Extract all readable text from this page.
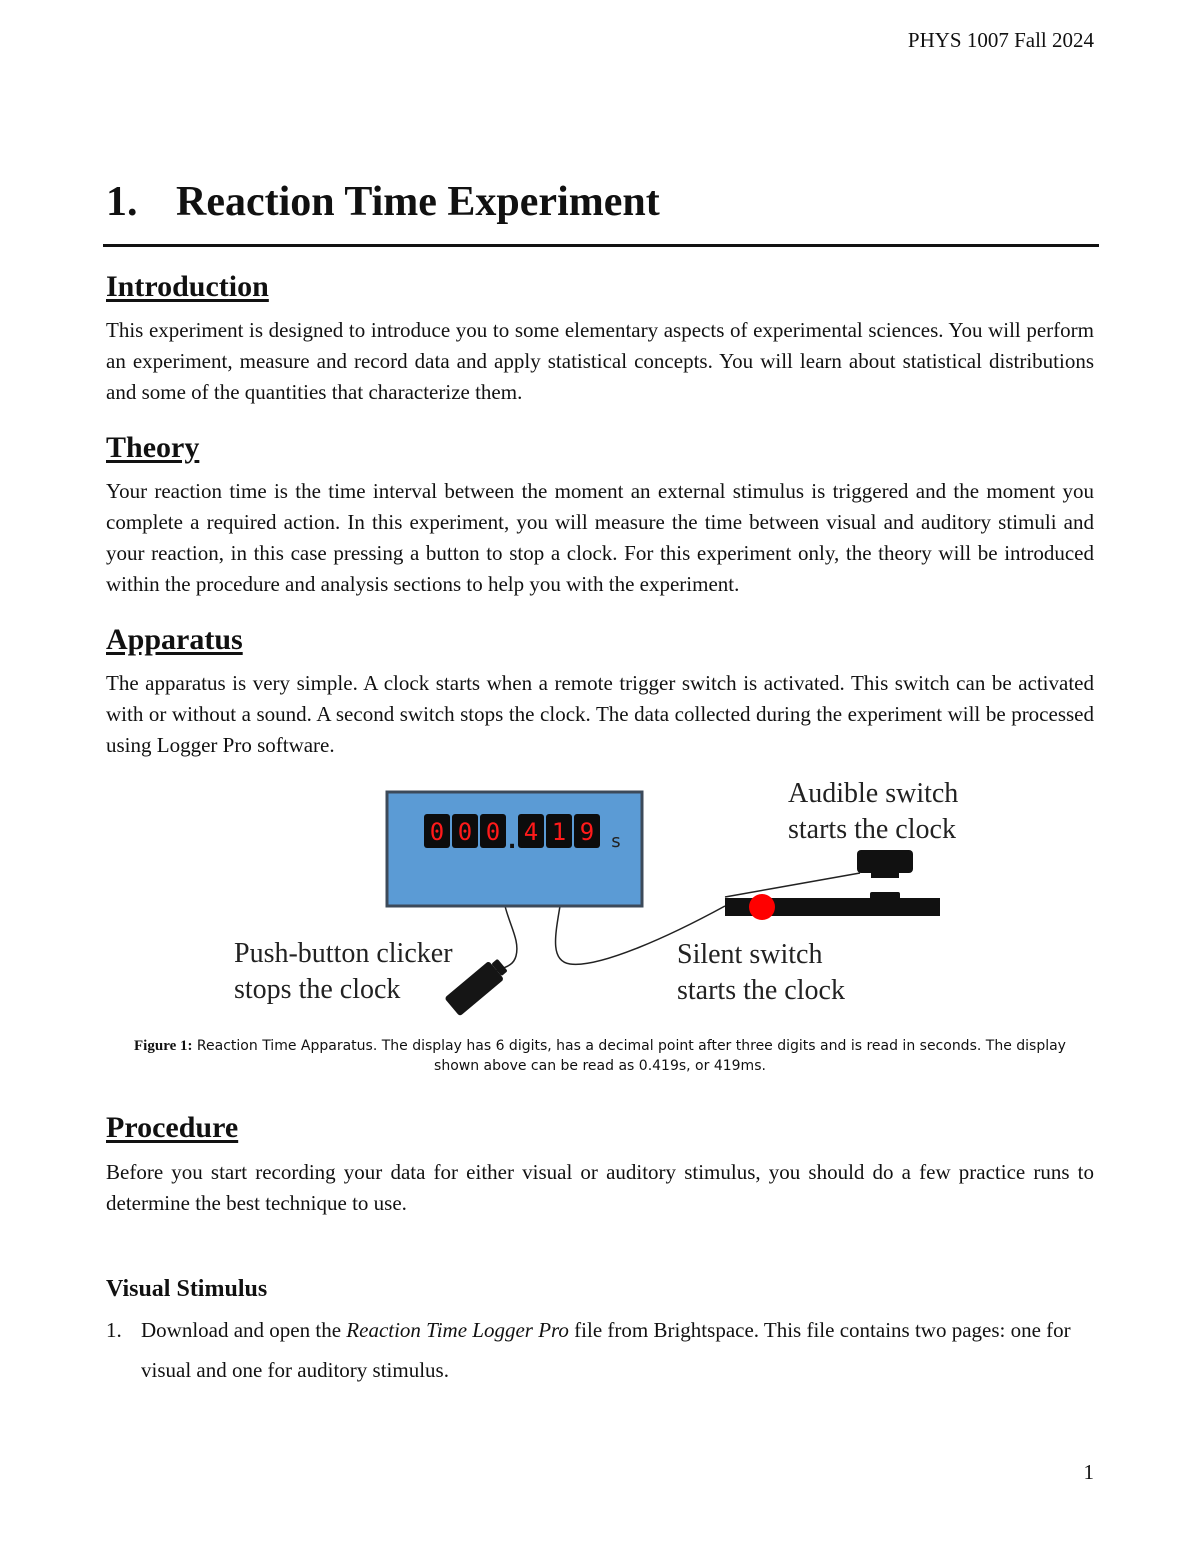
PHYS 1007 Fall 2024
1. Reaction Time Experiment
Introduction

This experiment is designed to introduce you to some elementary aspects of experimental sciences. You will perform an experiment, measure and record data and apply statistical concepts. You will learn about statistical distributions and some of the quantities that characterize them.

Theory

Your reaction time is the time interval between the moment an external stimulus is triggered and the moment you complete a required action. In this experiment, you will measure the time between visual and auditory stimuli and your reaction, in this case pressing a button to stop a clock. For this experiment only, the theory will be introduced within the procedure and analysis sections to help you with the experiment.

Apparatus

The apparatus is very simple. A clock starts when a remote trigger switch is activated. This switch can be activated with or without a sound. A second switch stops the clock. The data collected during the experiment will be processed using Logger Pro software.

0 0 0 . 4 1 9 s
Audible switch
starts the clock
Push-button clicker
stops the clock
Silent switch
starts the clock

Figure 1: Reaction Time Apparatus. The display has 6 digits, has a decimal point after three digits and is read in seconds. The display shown above can be read as 0.419s, or 419ms.

Procedure

Before you start recording your data for either visual or auditory stimulus, you should do a few practice runs to determine the best technique to use.

Visual Stimulus
1. Download and open the Reaction Time Logger Pro file from Brightspace. This file contains two pages: one for visual and one for auditory stimulus.
1
